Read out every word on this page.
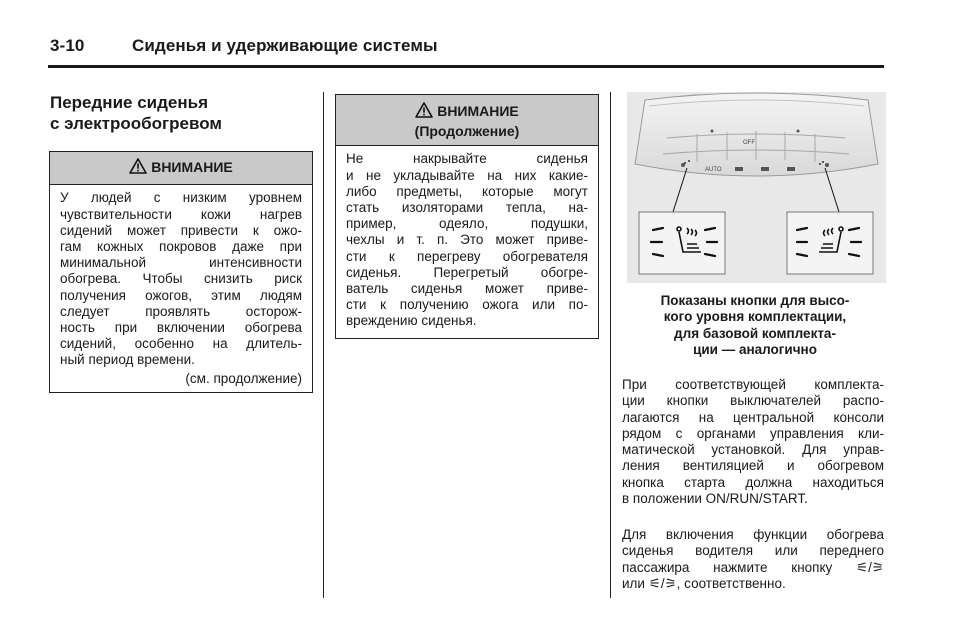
3-10	Сиденья и удерживающие системы
Передние сиденья
с электрообогревом
ВНИМАНИЕ
У людей с низким уровнем
чувствительности кожи нагрев
сидений может привести к ожо-
гам кожных покровов даже при
минимальной интенсивности
обогрева. Чтобы снизить риск
получения ожогов, этим людям
следует проявлять осторож-
ность при включении обогрева
сидений, особенно на длитель-
ный период времени.
(см. продолжение)
ВНИМАНИЕ
(Продолжение)
Не накрывайте сиденья
и не укладывайте на них какие-
либо предметы, которые могут
стать изоляторами тепла, на-
пример, одеяло, подушки,
чехлы и т. п. Это может приве-
сти к перегреву обогревателя
сиденья. Перегретый обогре-
ватель сиденья может приве-
сти к получению ожога или по-
вреждению сиденья.
OFF
AUTO
Показаны кнопки для высо-
кого уровня комплектации,
для базовой комплекта-
ции — аналогично
При соответствующей комплекта-
ции кнопки выключателей распо-
лагаются на центральной консоли
рядом с органами управления кли-
матической установкой. Для управ-
ления вентиляцией и обогревом
кнопка старта должна находиться
в положении ON/RUN/START.
Для включения функции обогрева
сиденья водителя или переднего
пассажира нажмите кнопку ⚟/⚞
или ⚟/⚞, соответственно.
